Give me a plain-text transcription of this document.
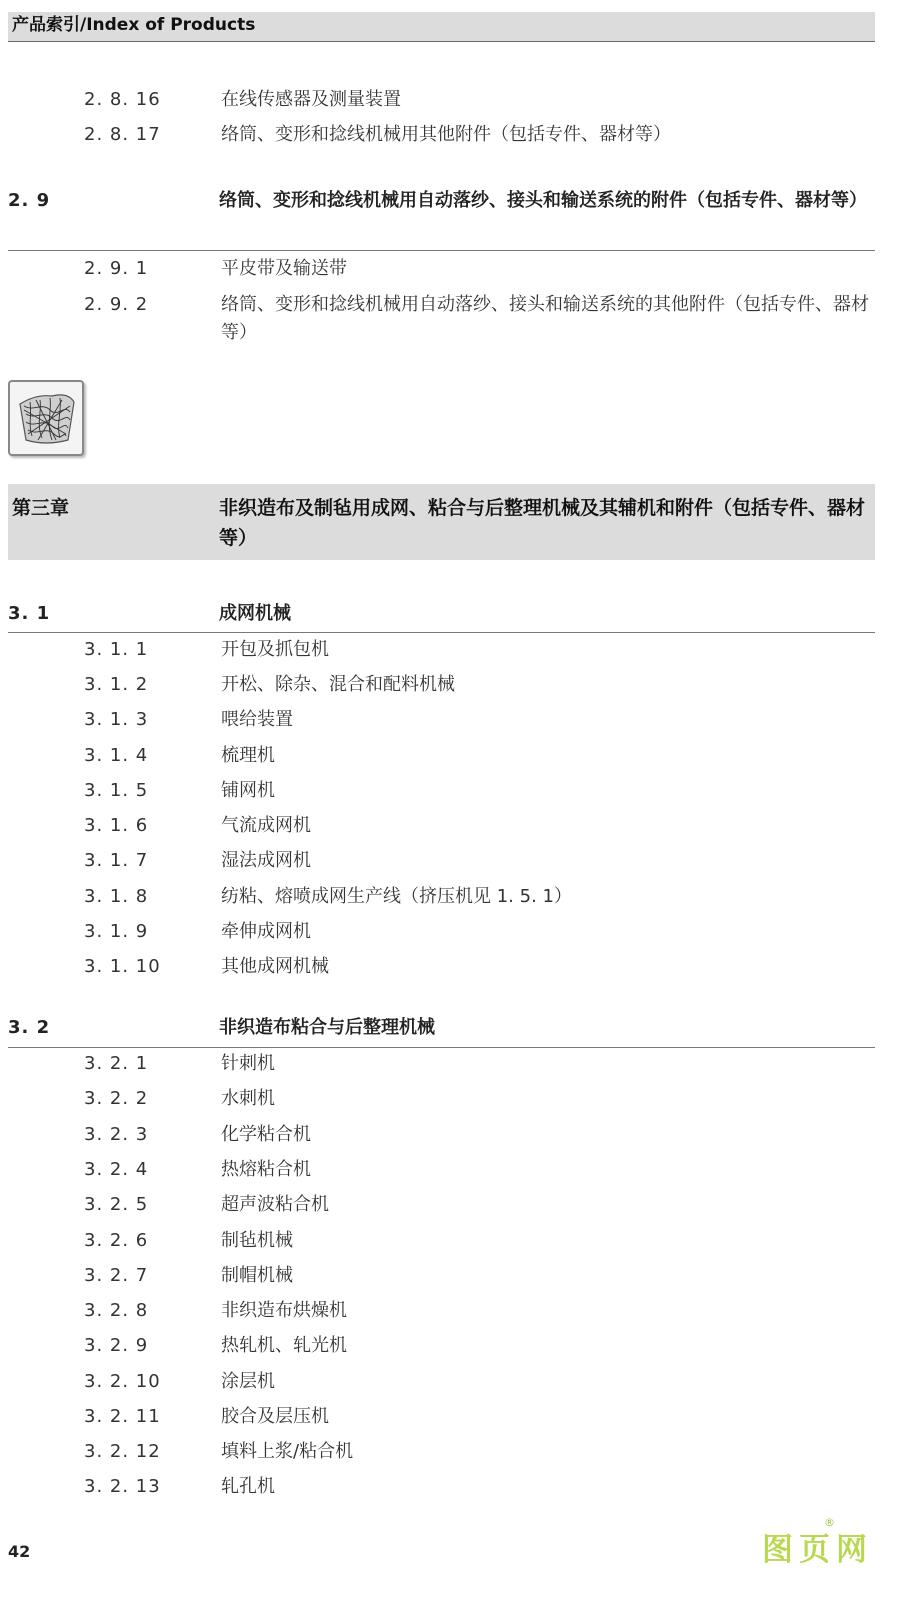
产品索引/Index of Products
2. 8. 16	在线传感器及测量装置
2. 8. 17	络筒、变形和捻线机械用其他附件（包括专件、器材等）
2. 9	络筒、变形和捻线机械用自动落纱、接头和输送系统的附件（包括专件、器材等）
2. 9. 1	平皮带及输送带
2. 9. 2	络筒、变形和捻线机械用自动落纱、接头和输送系统的其他附件（包括专件、器材等）
第三章	非织造布及制毡用成网、粘合与后整理机械及其辅机和附件（包括专件、器材等）
3. 1	成网机械
3. 1. 1	开包及抓包机
3. 1. 2	开松、除杂、混合和配料机械
3. 1. 3	喂给装置
3. 1. 4	梳理机
3. 1. 5	铺网机
3. 1. 6	气流成网机
3. 1. 7	湿法成网机
3. 1. 8	纺粘、熔喷成网生产线（挤压机见 1. 5. 1）
3. 1. 9	牵伸成网机
3. 1. 10	其他成网机械
3. 2	非织造布粘合与后整理机械
3. 2. 1	针刺机
3. 2. 2	水刺机
3. 2. 3	化学粘合机
3. 2. 4	热熔粘合机
3. 2. 5	超声波粘合机
3. 2. 6	制毡机械
3. 2. 7	制帽机械
3. 2. 8	非织造布烘燥机
3. 2. 9	热轧机、轧光机
3. 2. 10	涂层机
3. 2. 11	胶合及层压机
3. 2. 12	填料上浆/粘合机
3. 2. 13	轧孔机
42	图页网
®
